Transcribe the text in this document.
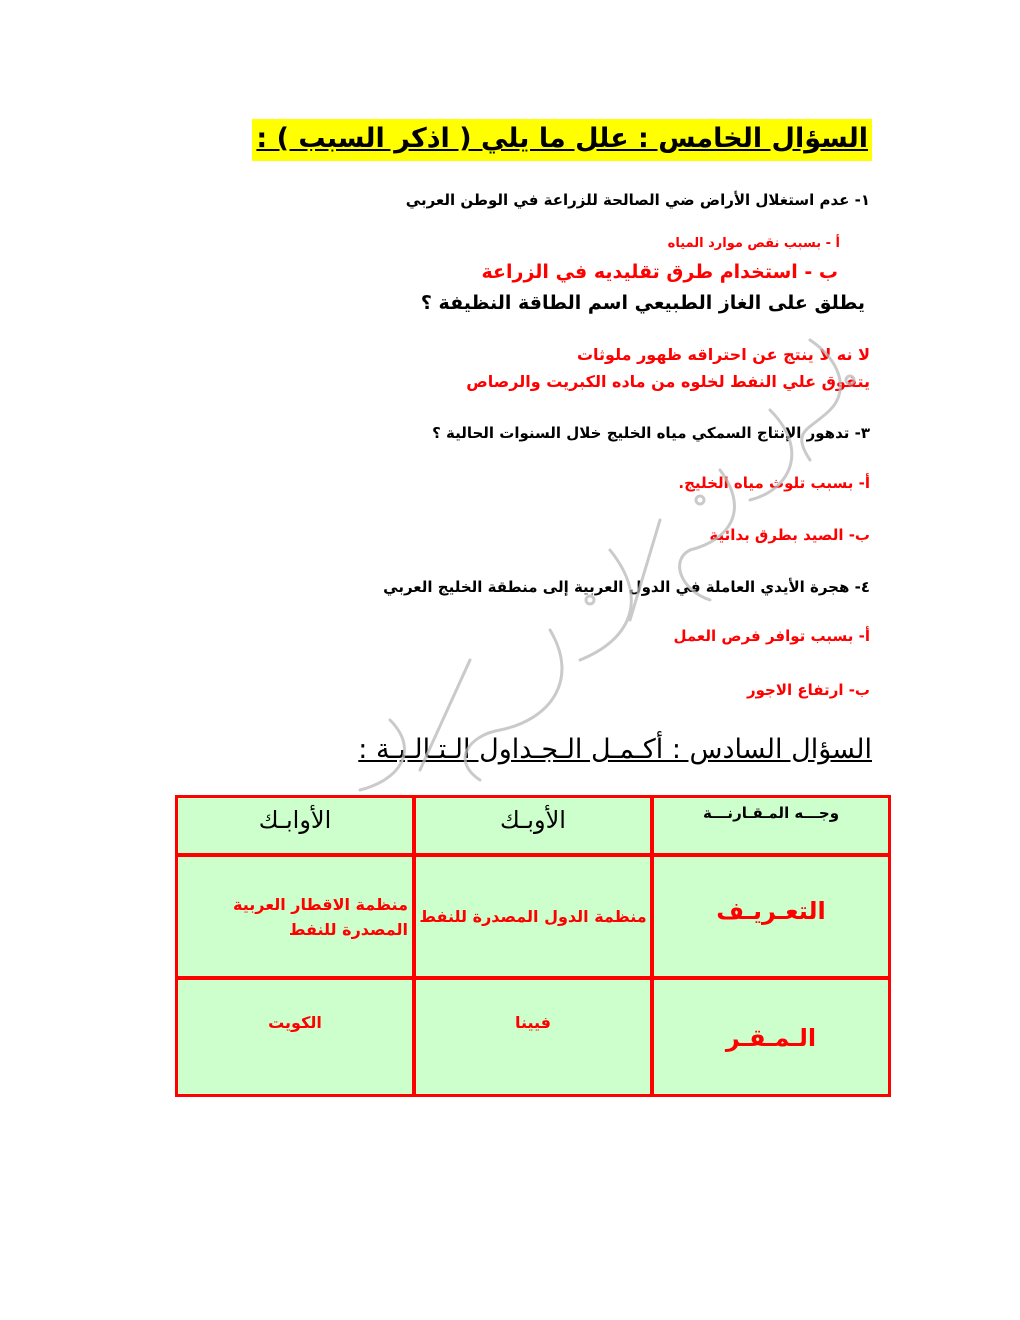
السؤال الخامس : علل ما يلي ( اذكر السبب ) :
١- عدم استغلال الأراض ضي الصالحة للزراعة في الوطن العربي
أ - بسبب نقص موارد المياه
ب - استخدام طرق تقليديه في الزراعة
يطلق على الغاز الطبيعي اسم الطاقة النظيفة ؟
لا نه لا ينتج عن احتراقه ظهور ملوثات
يتفوق علي النفط لخلوه من ماده الكبريت والرصاص
٣- تدهور الإنتاج السمكي مياه الخليج خلال السنوات الحالية ؟
أ- بسبب تلوث مياه الخليج.
ب- الصيد بطرق بدائية
٤- هجرة الأيدي العاملة في الدول العربية إلى منطقة الخليج العربي
أ- بسبب توافر فرص العمل
ب- ارتفاع الاجور
السؤال السادس : أكـمـل الـجـداول الـتـالـيـة :
وجـــه المـقـارنـــة	الأوبـك	الأوابـك

التعـريـف	منظمة الدول المصدرة للنفط	منظمة الاقطار العربية
المصدرة للنفط

الـمـقـر	فيينا	الكويت
